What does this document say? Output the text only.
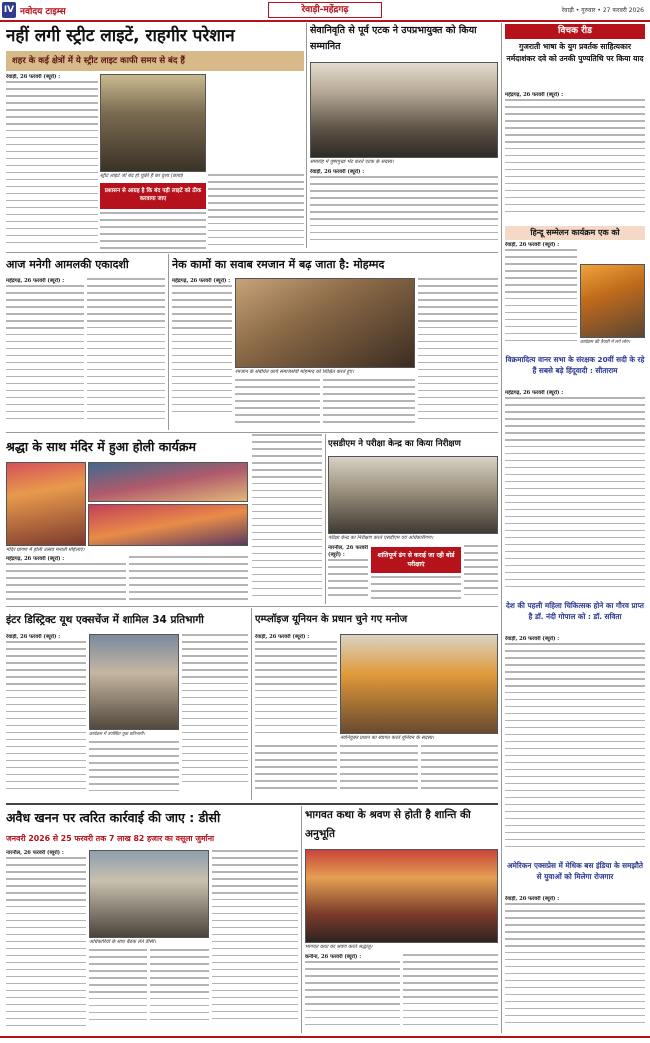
IV नवोदय टाइम्स	रेवाड़ी-महेंद्रगढ़	रेवाड़ी • गुरुवार • 27 फरवरी 2026
नहीं लगी स्ट्रीट लाइटें, राहगीर परेशान
शहर के कई क्षेत्रों में ये स्ट्रीट लाइट काफी समय से बंद हैं
रेवाड़ी, 26 फरवरी (ब्यूरो) :
स्ट्रीट लाइटें जो बंद हो चुकी हैं का दृश्य (छाया)
प्रशासन से आग्रह है कि बंद पड़ी लाइटें को ठीक करवाया जाए
सेवानिवृति से पूर्व एटक ने उपप्रभायुक्त को किया सम्मानित
समारोह में पुष्पगुच्छ भेंट करते एटक के सदस्य।
रेवाड़ी, 26 फरवरी (ब्यूरो) :
विचक रीड
गुजराती भाषा के युग प्रवर्तक साहित्यकार नर्मदाशंकर दवे को उनकी पुण्यतिथि पर किया याद
महेंद्रगढ़, 26 फरवरी (ब्यूरो) :
हिन्दू सम्मेलन कार्यक्रम एक को
रेवाड़ी, 26 फरवरी (ब्यूरो) :
कार्यक्रम की तैयारी में लगे लोग।
विक्रमादित्य वानर सभा के संरक्षक 20वीं सदी के रहे हैं सबसे बड़े हिंदूवादी : सीताराम
महेंद्रगढ़, 26 फरवरी (ब्यूरो) :
देश की पहली महिला चिकित्सक होने का गौरव प्राप्त है डॉ. नंदी गोपाल को : डॉ. सविता
रेवाड़ी, 26 फरवरी (ब्यूरो) :
अमेरिकन एक्सप्रेस में मेधिक बस इंडिया के समझौते से युवाओं को मिलेगा रोजगार
रेवाड़ी, 26 फरवरी (ब्यूरो) :
आज मनेगी आमलकी एकादशी
महेंद्रगढ़, 26 फरवरी (ब्यूरो) :
नेक कामों का सवाब रमजान में बढ़ जाता है: मोहम्मद
महेंद्रगढ़, 26 फरवरी (ब्यूरो) :
रमजान के संबंधित कार्य समाजसेवी मोहम्मद को शिक्षित करते हुए।
श्रद्धा के साथ मंदिर में हुआ होली कार्यक्रम
मंदिर प्रांगण में होली उत्सव मनाती महिलाएं।
महेंद्रगढ़, 26 फरवरी (ब्यूरो) :
एसडीएम ने परीक्षा केन्द्र का किया निरीक्षण
परीक्षा केन्द्र का निरीक्षण करते एसडीएम एवं अधिकारीगण।
नारनौल, 26 फरवरी (ब्यूरो) :	शांतिपूर्ण ढंग से कराई जा रही बोर्ड परीक्षाएं
इंटर डिस्ट्रिक्ट यूथ एक्सचेंज में शामिल 34 प्रतिभागी
रेवाड़ी, 26 फरवरी (ब्यूरो) :
कार्यक्रम में उपस्थित युवा प्रतिभागी।
एम्प्लॉइज यूनियन के प्रधान चुने गए मनोज
रेवाड़ी, 26 फरवरी (ब्यूरो) :
नवनियुक्त प्रधान का स्वागत करते यूनियन के सदस्य।
अवैध खनन पर त्वरित कार्रवाई की जाए : डीसी
जनवरी 2026 से 25 फरवरी तक 7 लाख 82 हजार का वसूला जुर्माना
नारनौल, 26 फरवरी (ब्यूरो) :
अधिकारियों के साथ बैठक लेते डीसी।
भागवत कथा के श्रवण से होती है शान्ति की अनुभूति
भागवत कथा का श्रवण करते श्रद्धालु।
कनीना, 26 फरवरी (ब्यूरो) :
